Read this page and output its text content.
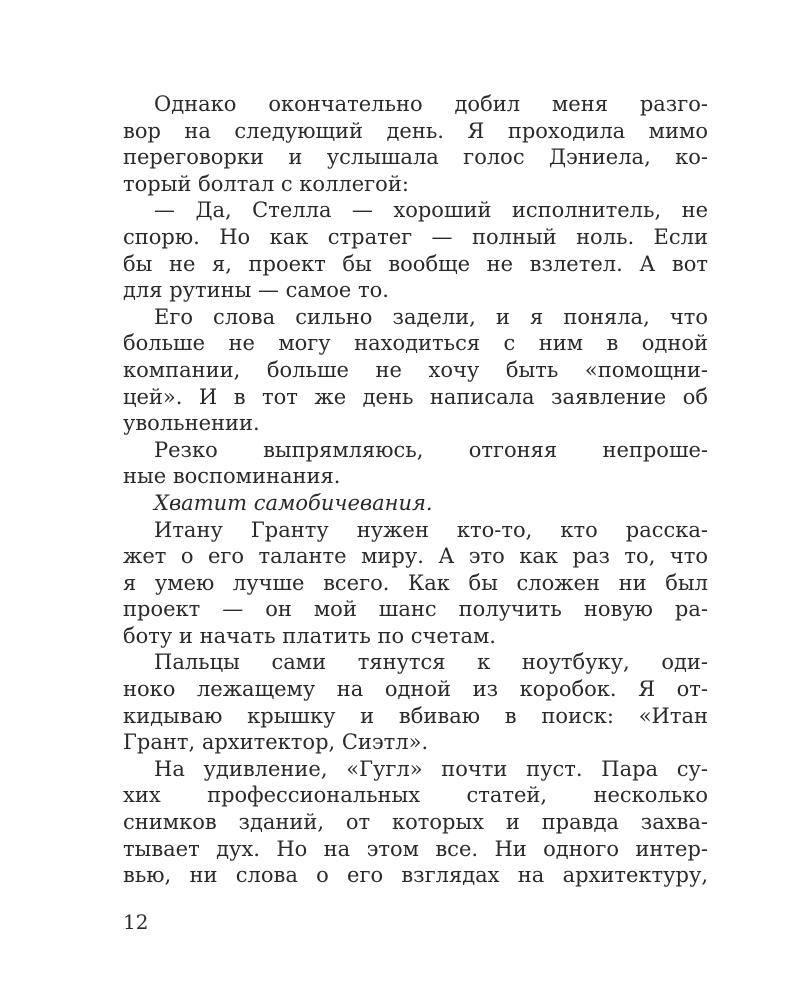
Однако окончательно добил меня разго-
вор на следующий день. Я проходила мимо
переговорки и услышала голос Дэниела, ко-
торый болтал с коллегой:
— Да, Стелла — хороший исполнитель, не
спорю. Но как стратег — полный ноль. Если
бы не я, проект бы вообще не взлетел. А вот
для рутины — самое то.
Его слова сильно задели, и я поняла, что
больше не могу находиться с ним в одной
компании, больше не хочу быть «помощни-
цей». И в тот же день написала заявление об
увольнении.
Резко выпрямляюсь, отгоняя непроше-
ные воспоминания.
Хватит самобичевания.
Итану Гранту нужен кто-то, кто расска-
жет о его таланте миру. А это как раз то, что
я умею лучше всего. Как бы сложен ни был
проект — он мой шанс получить новую ра-
боту и начать платить по счетам.
Пальцы сами тянутся к ноутбуку, оди-
ноко лежащему на одной из коробок. Я от-
кидываю крышку и вбиваю в поиск: «Итан
Грант, архитектор, Сиэтл».
На удивление, «Гугл» почти пуст. Пара су-
хих профессиональных статей, несколько
снимков зданий, от которых и правда захва-
тывает дух. Но на этом все. Ни одного интер-
вью, ни слова о его взглядах на архитектуру,
12
